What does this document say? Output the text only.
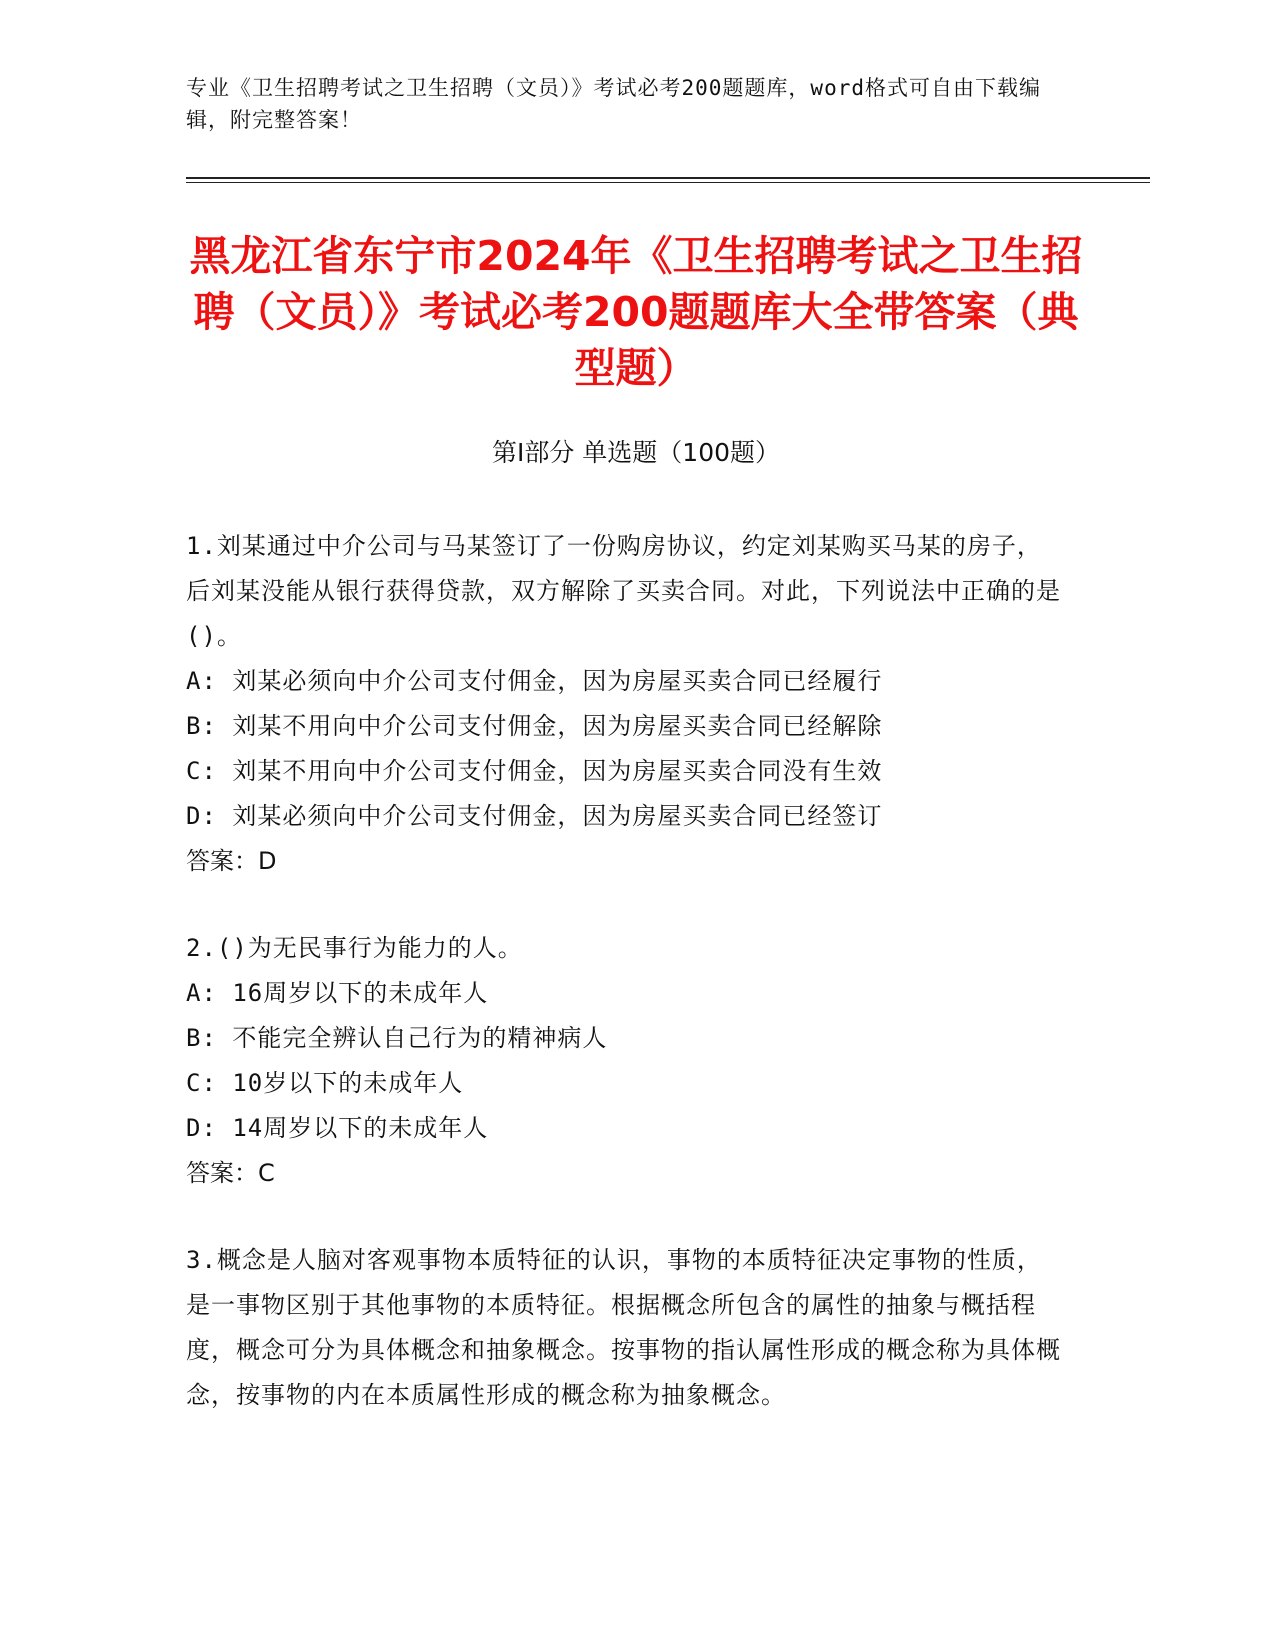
专业《卫生招聘考试之卫生招聘（文员）》考试必考200题题库，word格式可自由下载编辑，附完整答案！
黑龙江省东宁市2024年《卫生招聘考试之卫生招聘（文员）》考试必考200题题库大全带答案（典型题）
第Ⅰ部分 单选题（100题）
1.刘某通过中介公司与马某签订了一份购房协议，约定刘某购买马某的房子，后刘某没能从银行获得贷款，双方解除了买卖合同。对此，下列说法中正确的是()。
A: 刘某必须向中介公司支付佣金，因为房屋买卖合同已经履行
B: 刘某不用向中介公司支付佣金，因为房屋买卖合同已经解除
C: 刘某不用向中介公司支付佣金，因为房屋买卖合同没有生效
D: 刘某必须向中介公司支付佣金，因为房屋买卖合同已经签订
答案：D
2.()为无民事行为能力的人。
A: 16周岁以下的未成年人
B: 不能完全辨认自己行为的精神病人
C: 10岁以下的未成年人
D: 14周岁以下的未成年人
答案：C
3.概念是人脑对客观事物本质特征的认识，事物的本质特征决定事物的性质，是一事物区别于其他事物的本质特征。根据概念所包含的属性的抽象与概括程度，概念可分为具体概念和抽象概念。按事物的指认属性形成的概念称为具体概念，按事物的内在本质属性形成的概念称为抽象概念。
